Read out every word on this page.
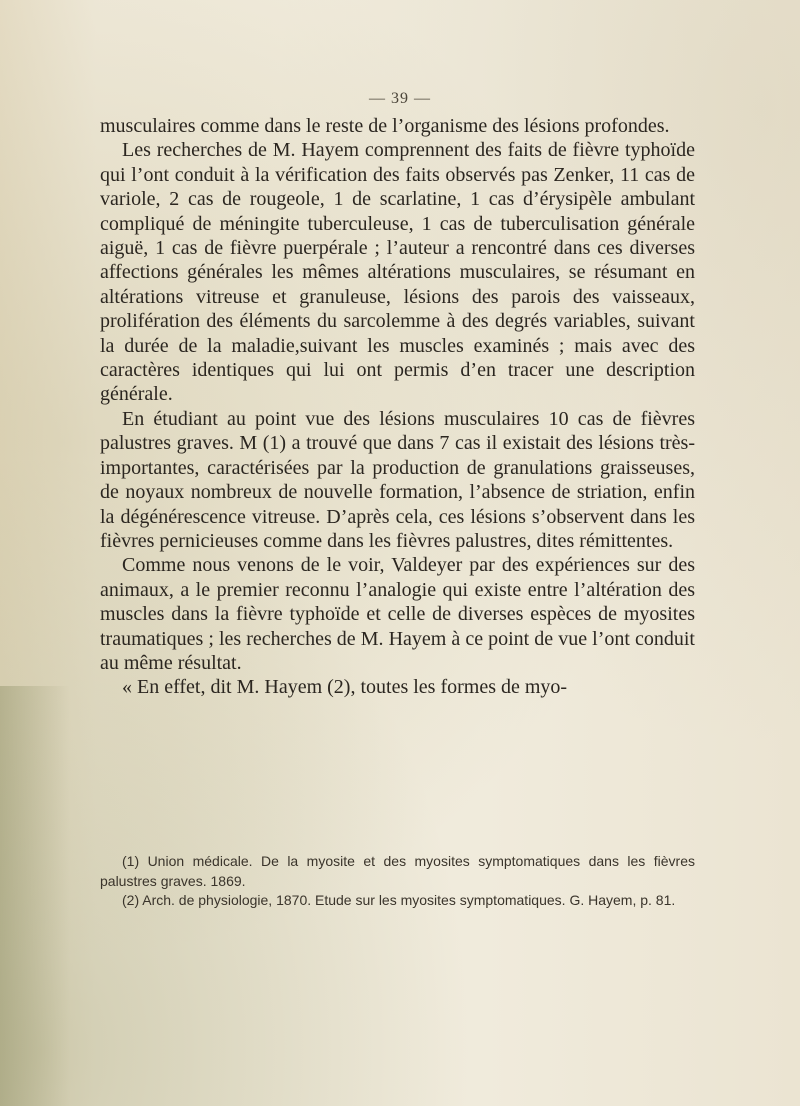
— 39 —

musculaires comme dans le reste de l’organisme des lésions profondes.

Les recherches de M. Hayem comprennent des faits de fièvre typhoïde qui l’ont conduit à la vérification des faits observés pas Zenker, 11 cas de variole, 2 cas de rougeole, 1 de scarlatine, 1 cas d’érysipèle ambulant compliqué de méningite tuberculeuse, 1 cas de tuberculisation générale aiguë, 1 cas de fièvre puerpérale ; l’auteur a rencontré dans ces diverses affections générales les mêmes altérations musculaires, se résumant en altérations vitreuse et granuleuse, lésions des parois des vaisseaux, prolifération des éléments du sarcolemme à des degrés variables, suivant la durée de la maladie,suivant les muscles examinés ; mais avec des caractères identiques qui lui ont permis d’en tracer une description générale.

En étudiant au point vue des lésions musculaires 10 cas de fièvres palustres graves. M (1) a trouvé que dans 7 cas il existait des lésions très-importantes, caractérisées par la production de granulations graisseuses, de noyaux nombreux de nouvelle formation, l’absence de striation, enfin la dégénérescence vitreuse. D’après cela, ces lésions s’observent dans les fièvres pernicieuses comme dans les fièvres palustres, dites rémittentes.

Comme nous venons de le voir, Valdeyer par des expériences sur des animaux, a le premier reconnu l’analogie qui existe entre l’altération des muscles dans la fièvre typhoïde et celle de diverses espèces de myosites traumatiques ; les recherches de M. Hayem à ce point de vue l’ont conduit au même résultat.

« En effet, dit M. Hayem (2), toutes les formes de myo-

(1) Union médicale. De la myosite et des myosites symptomatiques dans les fièvres palustres graves. 1869.

(2) Arch. de physiologie, 1870. Etude sur les myosites symptomatiques. G. Hayem, p. 81.
